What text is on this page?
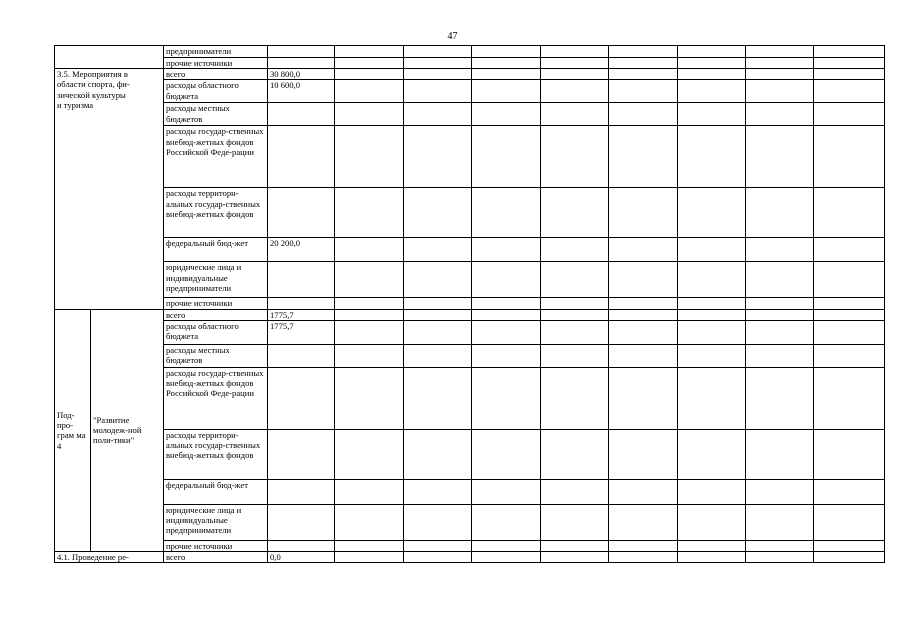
47
		предприниматели									
		прочие источники									

3.5. Мероприятия в
области спорта, фи-
зической культуры
и туризма		всего	30 800,0								
		расходы областного бюджета	10 600,0								
		расходы местных бюджетов									
		расходы государ-ственных внебюд-жетных фондов Российской Феде-рации									
		расходы территорн-альных государ-ственных внебюд-жетных фондов									
		федеральный бюд-жет	20 200,0								
		юридические лица и индивидуальные предприниматели									
		прочие источники									
Под-про-грам ма 4	"Развитие молодеж-ной поли-тики"	всего	1775,7								
		расходы областного бюджета	1775,7								
		расходы местных бюджетов									
		расходы государ-ственных внебюд-жетных фондов Российской Феде-рации									
		расходы территори-альных государ-ственных внебюд-жетных фондов									
		федеральный бюд-жет									
		юридические лица и индивидуальные предприниматели									
		прочие источники									

4.1. Проведение ре-		всего	0,0								
